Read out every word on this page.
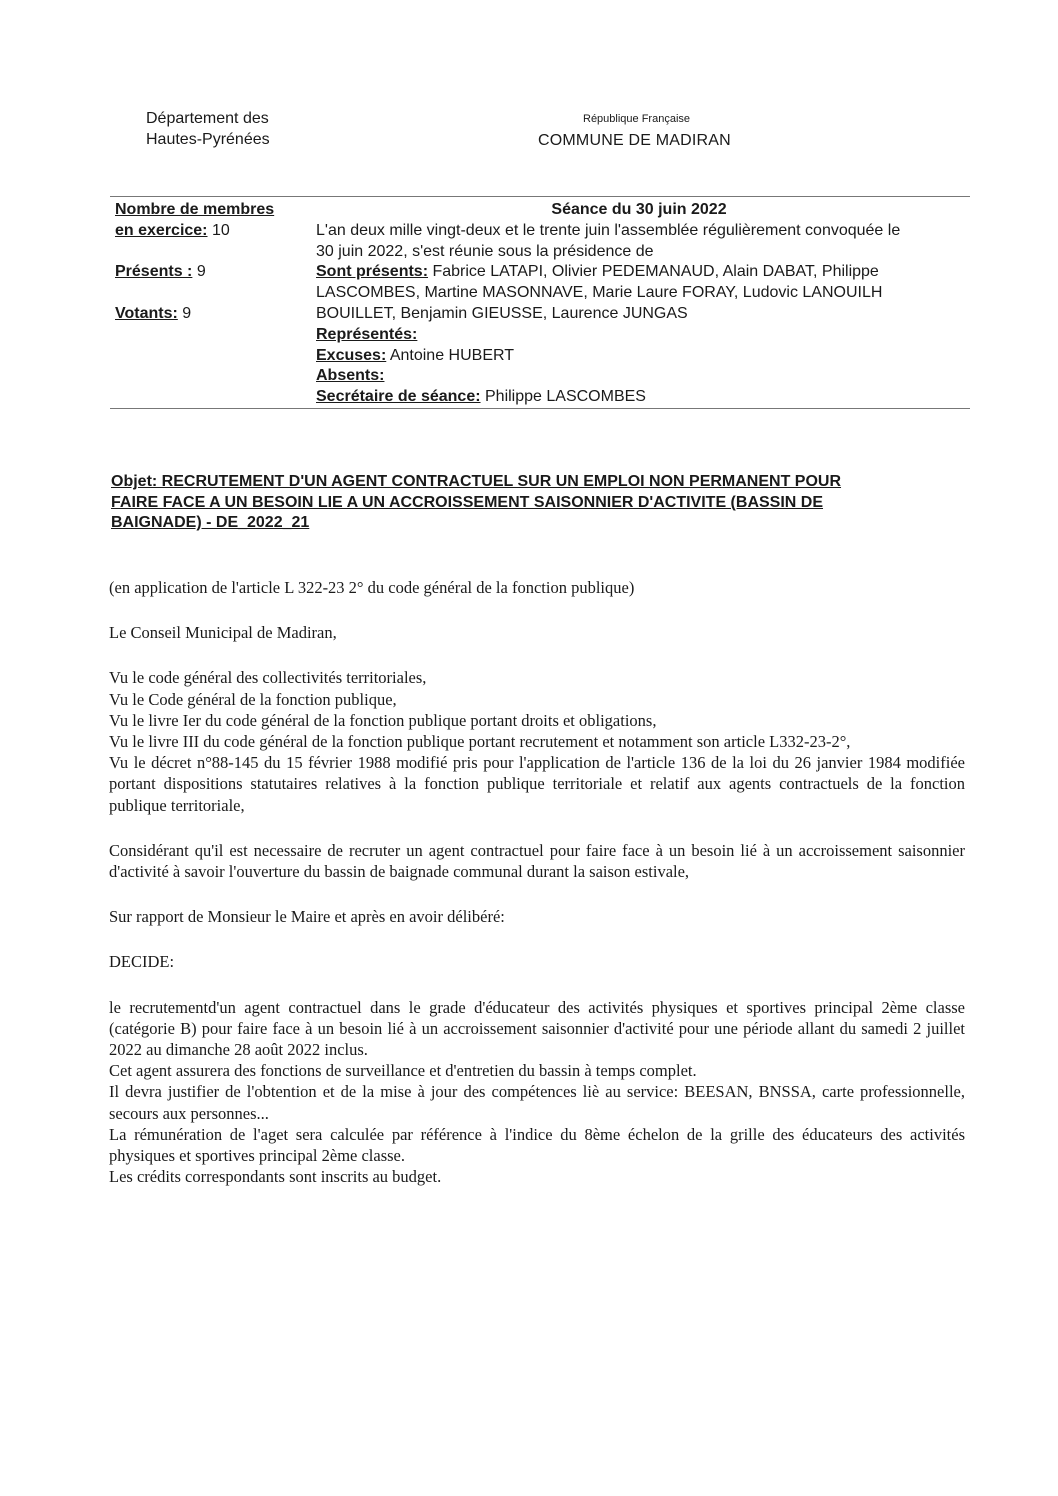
Département des
Hautes-Pyrénées
République Française
COMMUNE DE MADIRAN
Nombre de membres
en exercice: 10

Présents : 9

Votants: 9
Séance du 30 juin 2022
L'an deux mille vingt-deux et le trente juin l'assemblée régulièrement convoquée le
30 juin 2022, s'est réunie sous la présidence de
Sont présents: Fabrice LATAPI, Olivier PEDEMANAUD, Alain DABAT, Philippe
LASCOMBES, Martine MASONNAVE, Marie Laure FORAY, Ludovic LANOUILH
BOUILLET, Benjamin GIEUSSE, Laurence JUNGAS
Représentés:
Excuses: Antoine HUBERT
Absents:
Secrétaire de séance: Philippe LASCOMBES
Objet: RECRUTEMENT D'UN AGENT CONTRACTUEL SUR UN EMPLOI NON PERMANENT POUR
FAIRE FACE A UN BESOIN LIE A UN ACCROISSEMENT SAISONNIER D'ACTIVITE (BASSIN DE
BAIGNADE) - DE_2022_21

(en application de l'article L 322-23 2° du code général de la fonction publique)

Le Conseil Municipal de Madiran,

Vu le code général des collectivités territoriales,

Vu le Code général de la fonction publique,

Vu le livre Ier du code général de la fonction publique portant droits et obligations,

Vu le livre III du code général de la fonction publique portant recrutement et notamment son article L332-23-2°,

Vu le décret n°88-145 du 15 février 1988 modifié pris pour l'application de l'article 136 de la loi du 26 janvier 1984 modifiée portant dispositions statutaires relatives à la fonction publique territoriale et relatif aux agents contractuels de la fonction publique territoriale,

Considérant qu'il est necessaire de recruter un agent contractuel pour faire face à un besoin lié à un accroissement saisonnier d'activité à savoir l'ouverture du bassin de baignade communal durant la saison estivale,

Sur rapport de Monsieur le Maire et après en avoir délibéré:

DECIDE:

le recrutementd'un agent contractuel dans le grade d'éducateur des activités physiques et sportives principal 2ème classe (catégorie B) pour faire face à un besoin lié à un accroissement saisonnier d'activité pour une période allant du samedi 2 juillet 2022 au dimanche 28 août 2022 inclus.

Cet agent assurera des fonctions de surveillance et d'entretien du bassin à temps complet.

Il devra justifier de l'obtention et de la mise à jour des compétences liè au service: BEESAN, BNSSA, carte professionnelle, secours aux personnes...

La rémunération de l'aget sera calculée par référence à l'indice du 8ème échelon de la grille des éducateurs des activités physiques et sportives principal 2ème classe.

Les crédits correspondants sont inscrits au budget.
